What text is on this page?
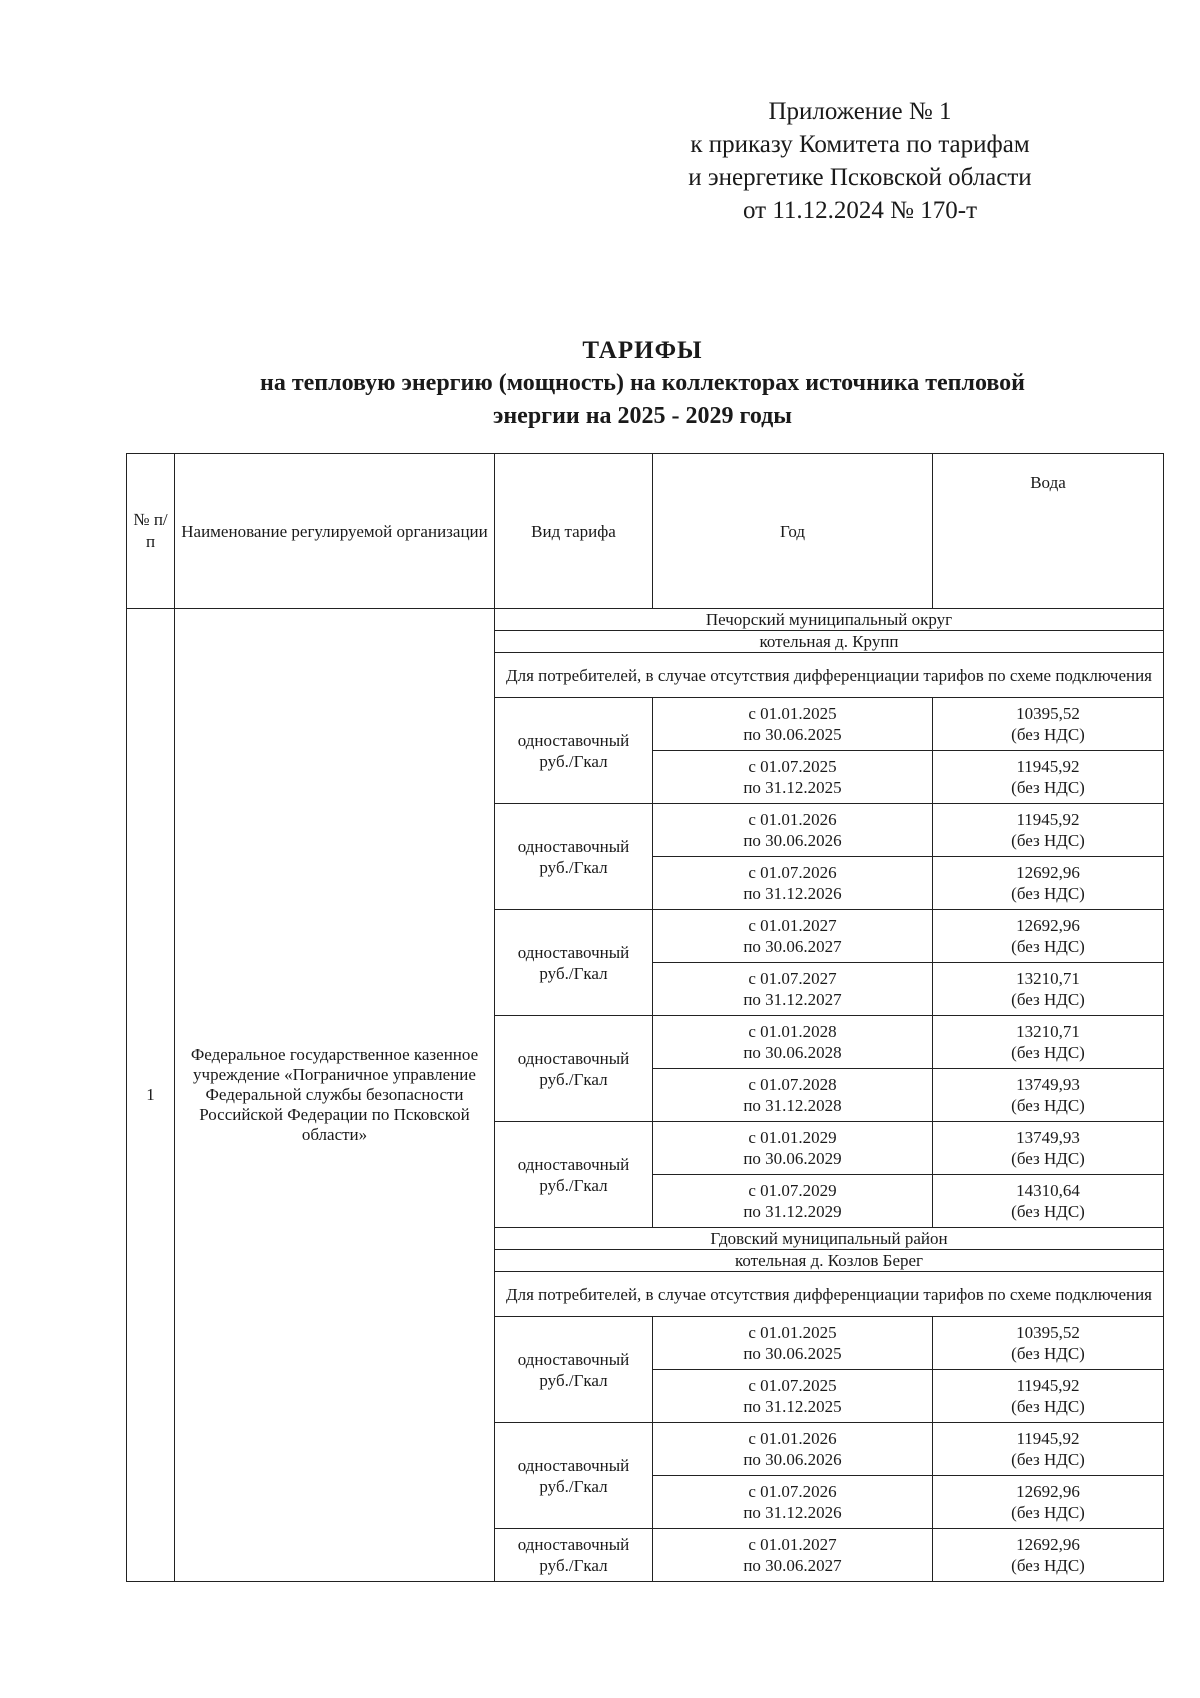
Приложение № 1
к приказу Комитета по тарифам
и энергетике Псковской области
от 11.12.2024 № 170-т
ТАРИФЫ
на тепловую энергию (мощность) на коллекторах источника тепловой
энергии на 2025 - 2029 годы
№ п/ п	Наименование регулируемой организации	Вид тарифа	Год	Вода
1	Федеральное государственное казенное учреждение «Пограничное управление Федеральной службы безопасности Российской Федерации по Псковской области»	Печорский муниципальный округ		
		котельная д. Крупп		
		Для потребителей, в случае отсутствия дифференциации тарифов по схеме подключения		
		одноставочный руб./Гкал	с 01.01.2025
по 30.06.2025	10395,52
(без НДС)

			с 01.07.2025
по 31.12.2025	11945,92
(без НДС)

		одноставочный руб./Гкал	с 01.01.2026
по 30.06.2026	11945,92
(без НДС)

			с 01.07.2026
по 31.12.2026	12692,96
(без НДС)

		одноставочный руб./Гкал	с 01.01.2027
по 30.06.2027	12692,96
(без НДС)

			с 01.07.2027
по 31.12.2027	13210,71
(без НДС)

		одноставочный руб./Гкал	с 01.01.2028
по 30.06.2028	13210,71
(без НДС)

			с 01.07.2028
по 31.12.2028	13749,93
(без НДС)

		одноставочный руб./Гкал	с 01.01.2029
по 30.06.2029	13749,93
(без НДС)

			с 01.07.2029
по 31.12.2029	14310,64
(без НДС)

		Гдовский муниципальный район		
		котельная д. Козлов Берег		
		Для потребителей, в случае отсутствия дифференциации тарифов по схеме подключения		
		одноставочный руб./Гкал	с 01.01.2025
по 30.06.2025	10395,52
(без НДС)

			с 01.07.2025
по 31.12.2025	11945,92
(без НДС)

		одноставочный руб./Гкал	с 01.01.2026
по 30.06.2026	11945,92
(без НДС)

			с 01.07.2026
по 31.12.2026	12692,96
(без НДС)

		одноставочный руб./Гкал	с 01.01.2027
по 30.06.2027	12692,96
(без НДС)
